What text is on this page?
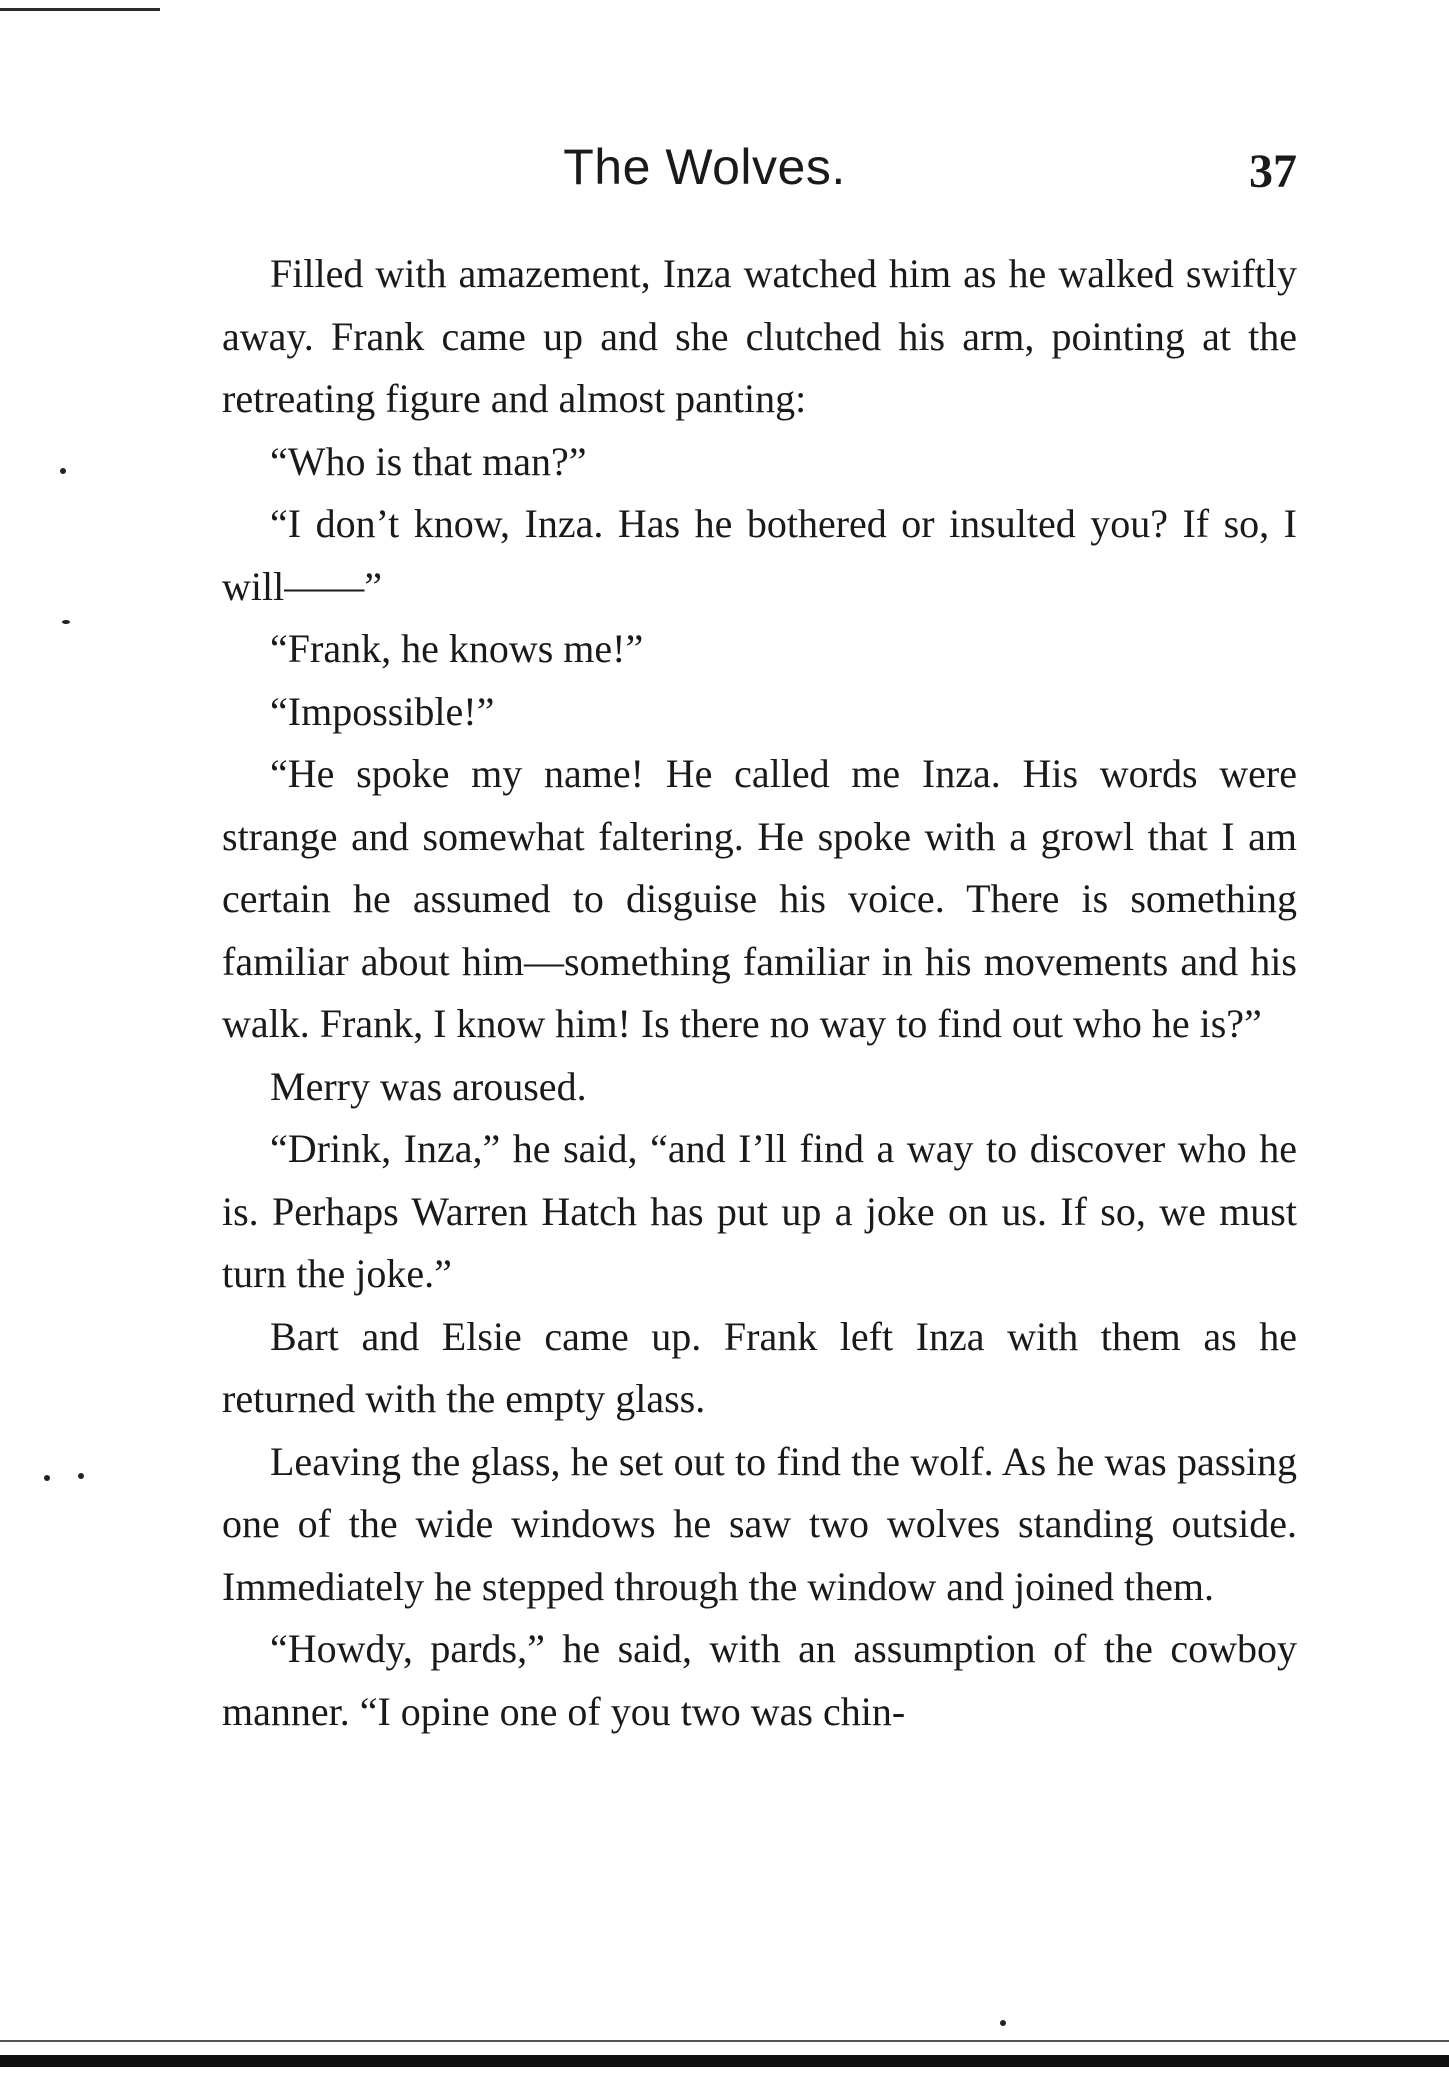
The Wolves.	37

Filled with amazement, Inza watched him as he walked swiftly away. Frank came up and she clutched his arm, pointing at the retreating figure and almost panting:

“Who is that man?”

“I don’t know, Inza. Has he bothered or insulted you? If so, I will——”

“Frank, he knows me!”

“Impossible!”

“He spoke my name! He called me Inza. His words were strange and somewhat faltering. He spoke with a growl that I am certain he assumed to disguise his voice. There is something familiar about him—something familiar in his movements and his walk. Frank, I know him! Is there no way to find out who he is?”

Merry was aroused.

“Drink, Inza,” he said, “and I’ll find a way to discover who he is. Perhaps Warren Hatch has put up a joke on us. If so, we must turn the joke.”

Bart and Elsie came up. Frank left Inza with them as he returned with the empty glass.

Leaving the glass, he set out to find the wolf. As he was passing one of the wide windows he saw two wolves standing outside. Immediately he stepped through the window and joined them.

“Howdy, pards,” he said, with an assumption of the cowboy manner. “I opine one of you two was chin-
